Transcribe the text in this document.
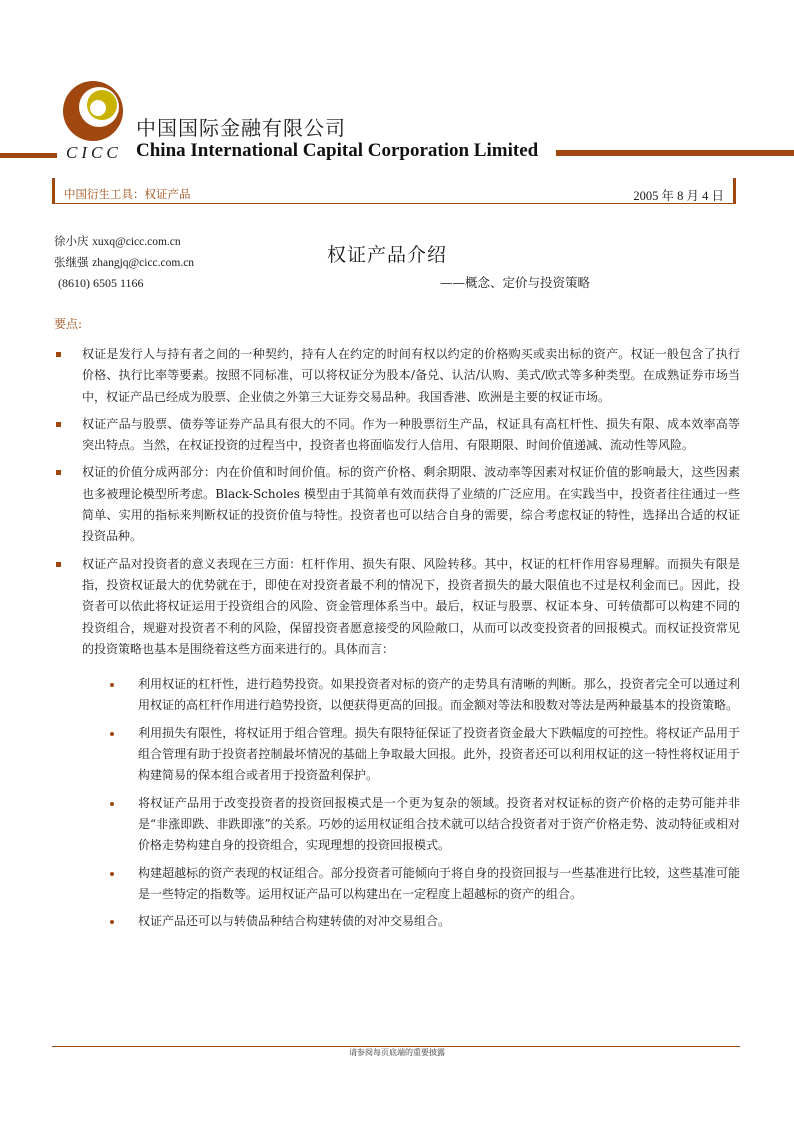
CICC
中国国际金融有限公司
China International Capital Corporation Limited
中国衍生工具：权证产品	2005 年 8 月 4 日
徐小庆 xuxq@cicc.com.cn
张继强 zhangjq@cicc.com.cn
(8610) 6505 1166
权证产品介绍
——概念、定价与投资策略
要点:
权证是发行人与持有者之间的一种契约，持有人在约定的时间有权以约定的价格购买或卖出标的资产。权证一般包含了执行价格、执行比率等要素。按照不同标准，可以将权证分为股本/备兑、认沽/认购、美式/欧式等多种类型。在成熟证券市场当中，权证产品已经成为股票、企业债之外第三大证券交易品种。我国香港、欧洲是主要的权证市场。
权证产品与股票、债券等证券产品具有很大的不同。作为一种股票衍生产品，权证具有高杠杆性、损失有限、成本效率高等突出特点。当然，在权证投资的过程当中，投资者也将面临发行人信用、有限期限、时间价值递减、流动性等风险。
权证的价值分成两部分：内在价值和时间价值。标的资产价格、剩余期限、波动率等因素对权证价值的影响最大，这些因素也多被理论模型所考虑。Black-Scholes 模型由于其简单有效而获得了业绩的广泛应用。在实践当中，投资者往往通过一些简单、实用的指标来判断权证的投资价值与特性。投资者也可以结合自身的需要，综合考虑权证的特性，选择出合适的权证投资品种。
权证产品对投资者的意义表现在三方面：杠杆作用、损失有限、风险转移。其中，权证的杠杆作用容易理解。而损失有限是指，投资权证最大的优势就在于，即使在对投资者最不利的情况下，投资者损失的最大限值也不过是权利金而已。因此，投资者可以依此将权证运用于投资组合的风险、资金管理体系当中。最后，权证与股票、权证本身、可转债都可以构建不同的投资组合，规避对投资者不利的风险，保留投资者愿意接受的风险敞口，从而可以改变投资者的回报模式。而权证投资常见的投资策略也基本是围绕着这些方面来进行的。具体而言：
利用权证的杠杆性，进行趋势投资。如果投资者对标的资产的走势具有清晰的判断。那么，投资者完全可以通过利用权证的高杠杆作用进行趋势投资，以便获得更高的回报。而金额对等法和股数对等法是两种最基本的投资策略。
利用损失有限性，将权证用于组合管理。损失有限特征保证了投资者资金最大下跌幅度的可控性。将权证产品用于组合管理有助于投资者控制最坏情况的基础上争取最大回报。此外，投资者还可以利用权证的这一特性将权证用于构建简易的保本组合或者用于投资盈利保护。
将权证产品用于改变投资者的投资回报模式是一个更为复杂的领域。投资者对权证标的资产价格的走势可能并非是“非涨即跌、非跌即涨”的关系。巧妙的运用权证组合技术就可以结合投资者对于资产价格走势、波动特征或相对价格走势构建自身的投资组合，实现理想的投资回报模式。
构建超越标的资产表现的权证组合。部分投资者可能倾向于将自身的投资回报与一些基准进行比较，这些基准可能是一些特定的指数等。运用权证产品可以构建出在一定程度上超越标的资产的组合。
权证产品还可以与转债品种结合构建转债的对冲交易组合。
请参阅每页底端的重要披露
